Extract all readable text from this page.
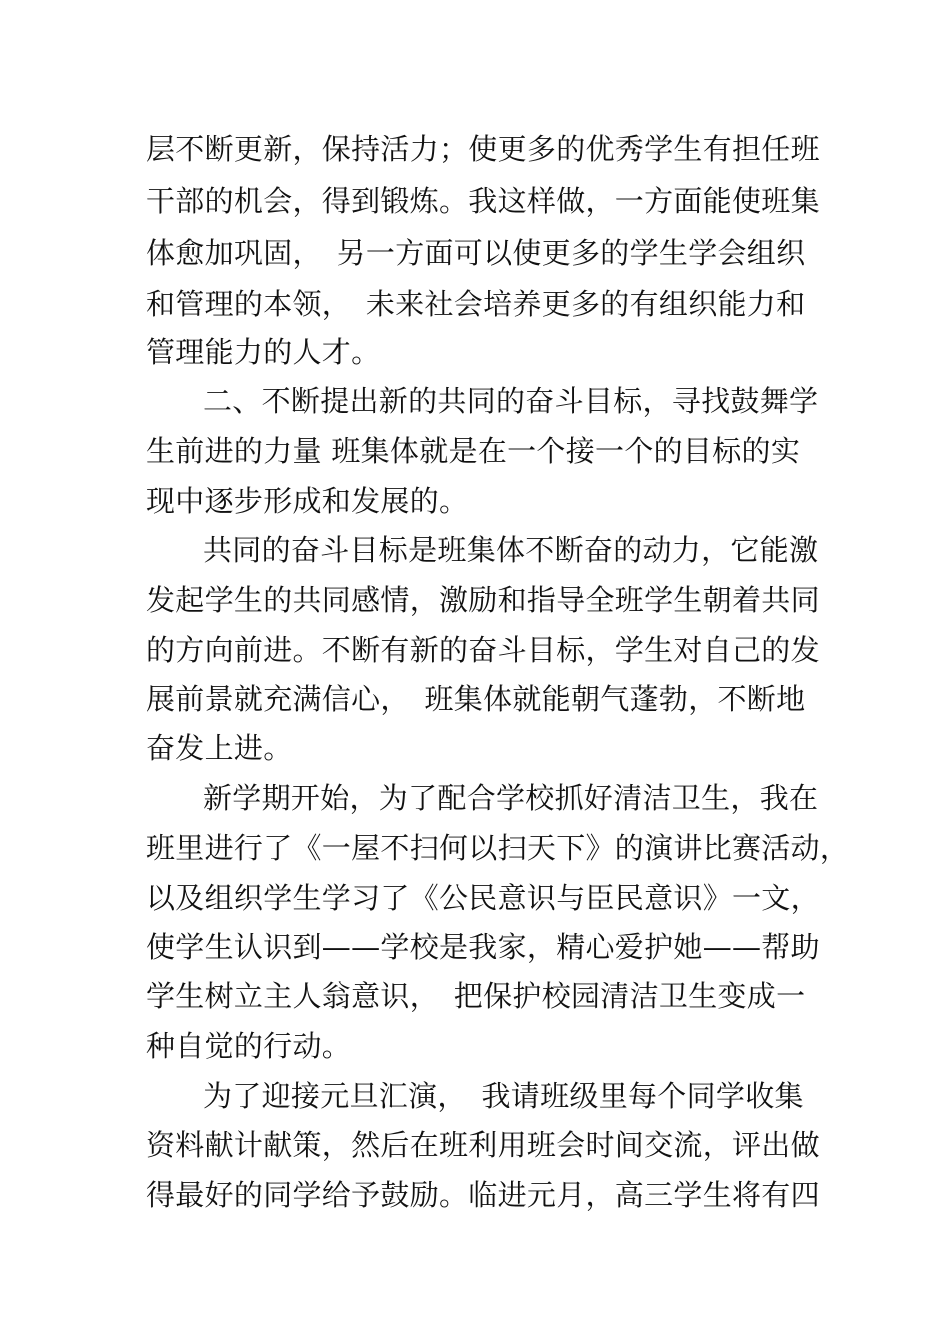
层不断更新，保持活力；使更多的优秀学生有担任班
干部的机会，得到锻炼。我这样做，一方面能使班集
体愈加巩固，　另一方面可以使更多的学生学会组织
和管理的本领，　未来社会培养更多的有组织能力和
管理能力的人才。
二、不断提出新的共同的奋斗目标，寻找鼓舞学
生前进的力量 班集体就是在一个接一个的目标的实
现中逐步形成和发展的。
共同的奋斗目标是班集体不断奋的动力，它能激
发起学生的共同感情，激励和指导全班学生朝着共同
的方向前进。不断有新的奋斗目标，学生对自己的发
展前景就充满信心，　班集体就能朝气蓬勃，不断地
奋发上进。
新学期开始，为了配合学校抓好清洁卫生，我在
班里进行了《一屋不扫何以扫天下》的演讲比赛活动，
以及组织学生学习了《公民意识与臣民意识》一文，
使学生认识到——学校是我家，精心爱护她——帮助
学生树立主人翁意识，　把保护校园清洁卫生变成一
种自觉的行动。
为了迎接元旦汇演，　我请班级里每个同学收集
资料献计献策，然后在班利用班会时间交流，评出做
得最好的同学给予鼓励。临进元月，高三学生将有四
